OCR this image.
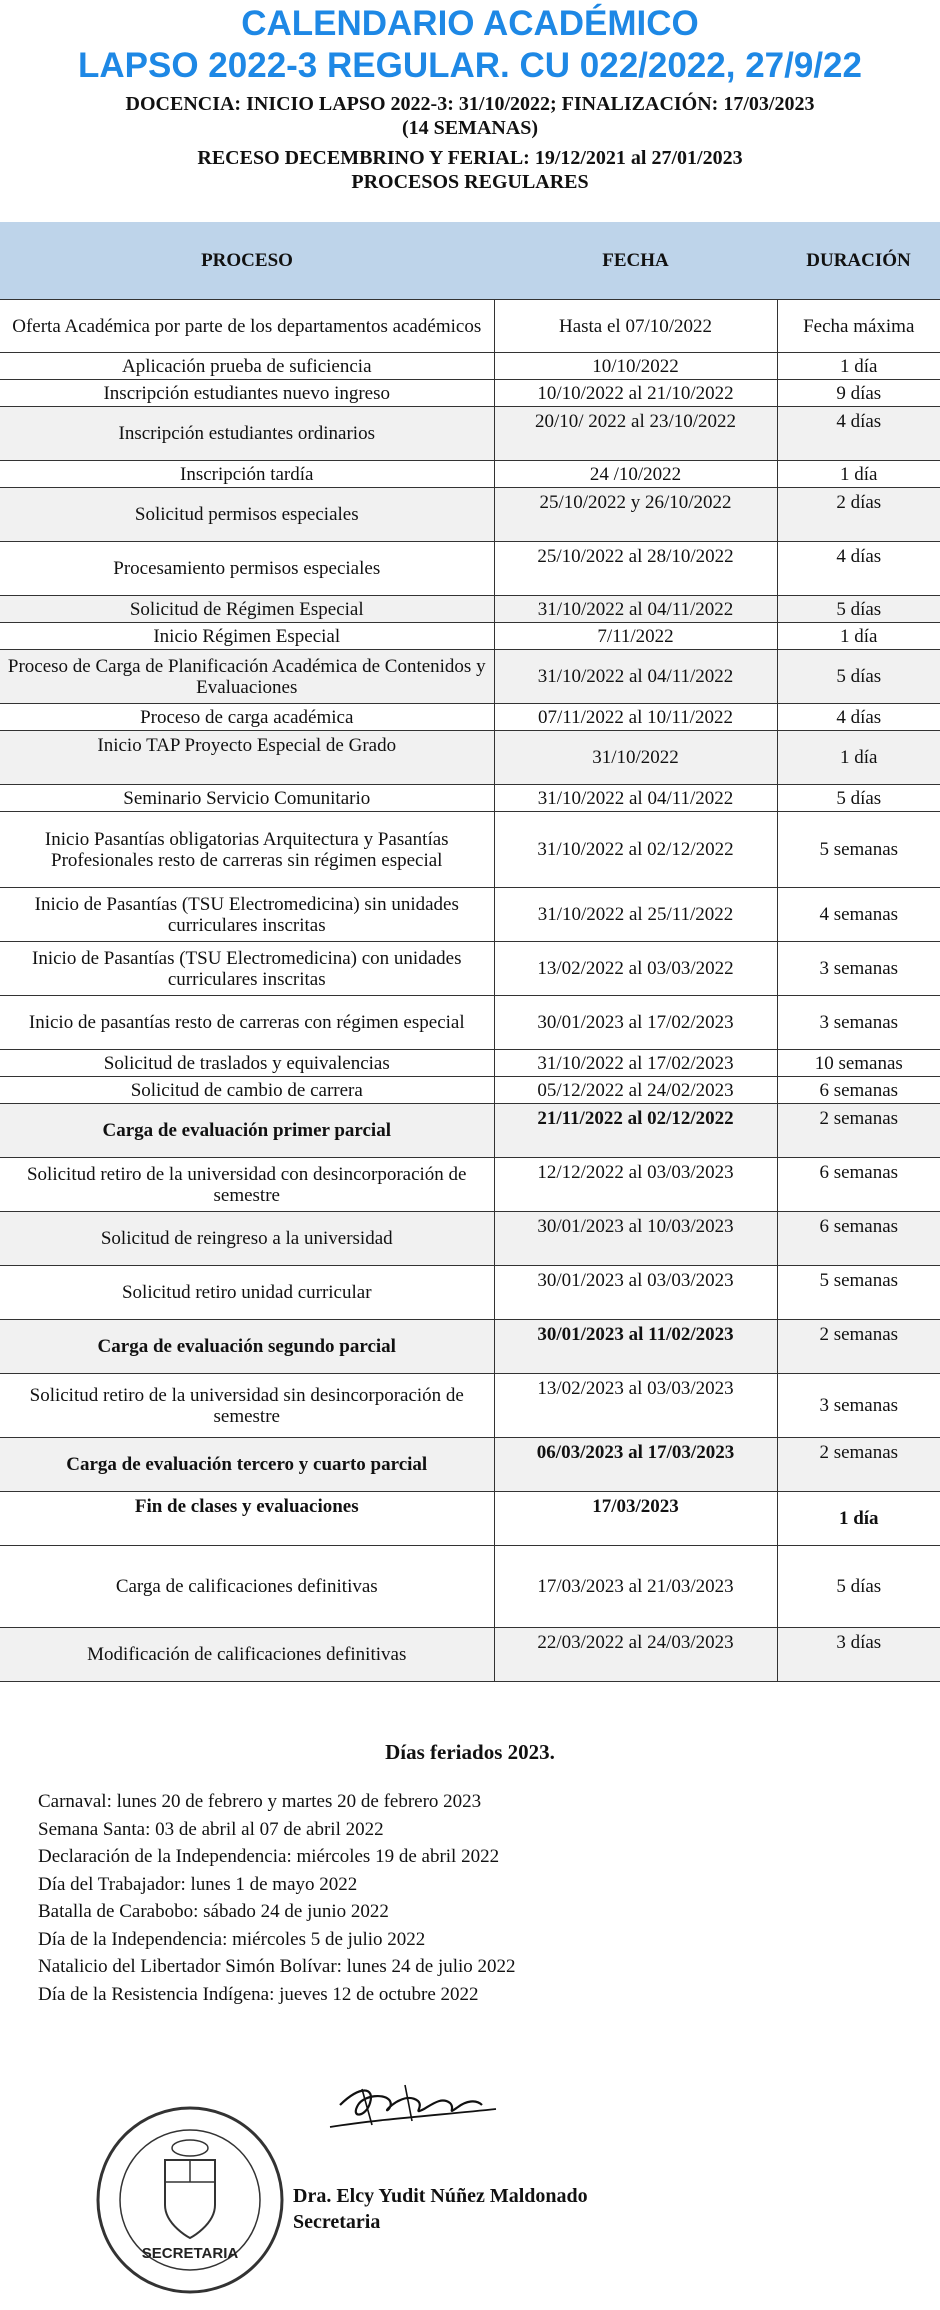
CALENDARIO ACADÉMICO
LAPSO 2022-3 REGULAR. CU 022/2022, 27/9/22
DOCENCIA: INICIO LAPSO 2022-3: 31/10/2022; FINALIZACIÓN: 17/03/2023
(14 SEMANAS)
RECESO DECEMBRINO Y FERIAL: 19/12/2021 al 27/01/2023
PROCESOS REGULARES
PROCESO	FECHA	DURACIÓN
Oferta Académica por parte de los departamentos académicos	Hasta el 07/10/2022	Fecha máxima
Aplicación prueba de suficiencia	10/10/2022	1 día
Inscripción estudiantes nuevo ingreso	10/10/2022 al 21/10/2022	9 días
Inscripción estudiantes ordinarios	20/10/ 2022 al 23/10/2022	4 días
Inscripción tardía	24 /10/2022	1 día
Solicitud permisos especiales	25/10/2022 y 26/10/2022	2 días
Procesamiento permisos especiales	25/10/2022 al 28/10/2022	4 días
Solicitud de Régimen Especial	31/10/2022 al 04/11/2022	5 días
Inicio Régimen Especial	7/11/2022	1 día
Proceso de Carga de Planificación Académica de Contenidos y Evaluaciones	31/10/2022 al 04/11/2022	5 días
Proceso de carga académica	07/11/2022 al 10/11/2022	4 días
Inicio TAP Proyecto Especial de Grado	31/10/2022	1 día
Seminario Servicio Comunitario	31/10/2022 al 04/11/2022	5 días
Inicio Pasantías obligatorias Arquitectura y Pasantías Profesionales resto de carreras sin régimen especial	31/10/2022 al 02/12/2022	5 semanas
Inicio de Pasantías (TSU Electromedicina) sin unidades curriculares inscritas	31/10/2022 al 25/11/2022	4 semanas
Inicio de Pasantías (TSU Electromedicina) con unidades curriculares inscritas	13/02/2022 al 03/03/2022	3 semanas
Inicio de pasantías resto de carreras con régimen especial	30/01/2023 al 17/02/2023	3 semanas
Solicitud de traslados y equivalencias	31/10/2022 al 17/02/2023	10 semanas
Solicitud de cambio de carrera	05/12/2022 al 24/02/2023	6 semanas
Carga de evaluación primer parcial	21/11/2022 al 02/12/2022	2 semanas
Solicitud retiro de la universidad con desincorporación de semestre	12/12/2022 al 03/03/2023	6 semanas
Solicitud de reingreso a la universidad	30/01/2023 al 10/03/2023	6 semanas
Solicitud retiro unidad curricular	30/01/2023 al 03/03/2023	5 semanas
Carga de evaluación segundo parcial	30/01/2023 al 11/02/2023	2 semanas
Solicitud retiro de la universidad sin desincorporación de semestre	13/02/2023 al 03/03/2023	3 semanas
Carga de evaluación tercero y cuarto parcial	06/03/2023 al 17/03/2023	2 semanas
Fin de clases y evaluaciones	17/03/2023	1 día
Carga de calificaciones definitivas	17/03/2023 al 21/03/2023	5 días
Modificación de calificaciones definitivas	22/03/2022 al 24/03/2023	3 días
Días feriados 2023.
Carnaval: lunes 20 de febrero y martes 20 de febrero 2023
Semana Santa: 03 de abril al 07 de abril 2022
Declaración de la Independencia: miércoles 19 de abril 2022
Día del Trabajador: lunes 1 de mayo 2022
Batalla de Carabobo: sábado 24 de junio 2022
Día de la Independencia: miércoles 5 de julio 2022
Natalicio del Libertador Simón Bolívar: lunes 24 de julio 2022
Día de la Resistencia Indígena: jueves 12 de octubre 2022
SECRETARIA
Dra. Elcy Yudit Núñez Maldonado
Secretaria
